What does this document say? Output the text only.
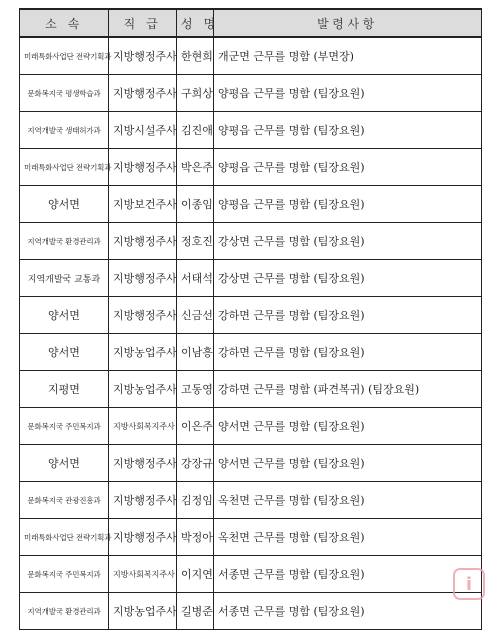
소 속	직 급	성 명	발령사항
미래특화사업단 전략기획과	지방행정주사	한현희	개군면 근무를 명함 (부면장)
문화복지국 평생학습과	지방행정주사	구희상	양평읍 근무를 명함 (팀장요원)
지역개발국 생태허가과	지방시설주사	김진애	양평읍 근무를 명함 (팀장요원)
미래특화사업단 전략기획과	지방행정주사	박은주	양평읍 근무를 명함 (팀장요원)
양서면	지방보건주사	이종임	양평읍 근무를 명함 (팀장요원)
지역개발국 환경관리과	지방행정주사	정호진	강상면 근무를 명함 (팀장요원)
지역개발국 교통과	지방행정주사	서태석	강상면 근무를 명함 (팀장요원)
양서면	지방행정주사	신금선	강하면 근무를 명함 (팀장요원)
양서면	지방농업주사	이남흥	강하면 근무를 명함 (팀장요원)
지평면	지방농업주사	고동영	강하면 근무를 명함 (파견복귀) (팀장요원)
문화복지국 주민복지과	지방사회복지주사	이은주	양서면 근무를 명함 (팀장요원)
양서면	지방행정주사	강장규	양서면 근무를 명함 (팀장요원)
문화복지국 관광진흥과	지방행정주사	김정임	옥천면 근무를 명함 (팀장요원)
미래특화사업단 전략기획과	지방행정주사	박정아	옥천면 근무를 명함 (팀장요원)
문화복지국 주민복지과	지방사회복지주사	이지연	서종면 근무를 명함 (팀장요원)
지역개발국 환경관리과	지방농업주사	길병준	서종면 근무를 명함 (팀장요원)
i
